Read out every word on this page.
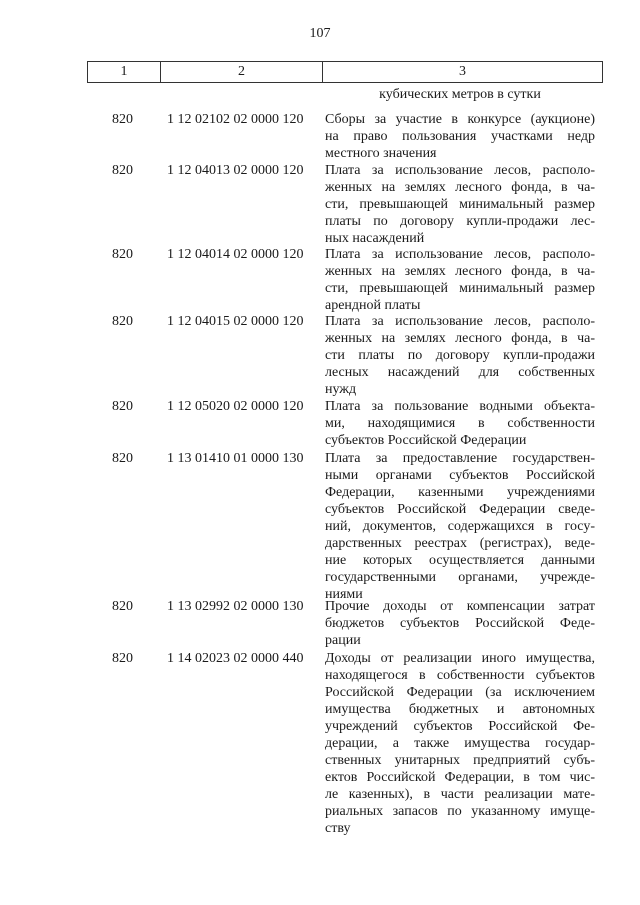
107
1	2	3
кубических метров в сутки
820	1 12 02102 02 0000 120	Сборы за участие в конкурсе (аукционе)
на право пользования участками недр
местного значения
820	1 12 04013 02 0000 120	Плата за использование лесов, располо-
женных на землях лесного фонда, в ча-
сти, превышающей минимальный размер
платы по договору купли-продажи лес-
ных насаждений
820	1 12 04014 02 0000 120	Плата за использование лесов, располо-
женных на землях лесного фонда, в ча-
сти, превышающей минимальный размер
арендной платы
820	1 12 04015 02 0000 120	Плата за использование лесов, располо-
женных на землях лесного фонда, в ча-
сти платы по договору купли-продажи
лесных насаждений для собственных
нужд
820	1 12 05020 02 0000 120	Плата за пользование водными объекта-
ми, находящимися в собственности
субъектов Российской Федерации
820	1 13 01410 01 0000 130	Плата за предоставление государствен-
ными органами субъектов Российской
Федерации, казенными учреждениями
субъектов Российской Федерации сведе-
ний, документов, содержащихся в госу-
дарственных реестрах (регистрах), веде-
ние которых осуществляется данными
государственными органами, учрежде-
ниями
820	1 13 02992 02 0000 130	Прочие доходы от компенсации затрат
бюджетов субъектов Российской Феде-
рации
820	1 14 02023 02 0000 440	Доходы от реализации иного имущества,
находящегося в собственности субъектов
Российской Федерации (за исключением
имущества бюджетных и автономных
учреждений субъектов Российской Фе-
дерации, а также имущества государ-
ственных унитарных предприятий субъ-
ектов Российской Федерации, в том чис-
ле казенных), в части реализации мате-
риальных запасов по указанному имуще-
ству
